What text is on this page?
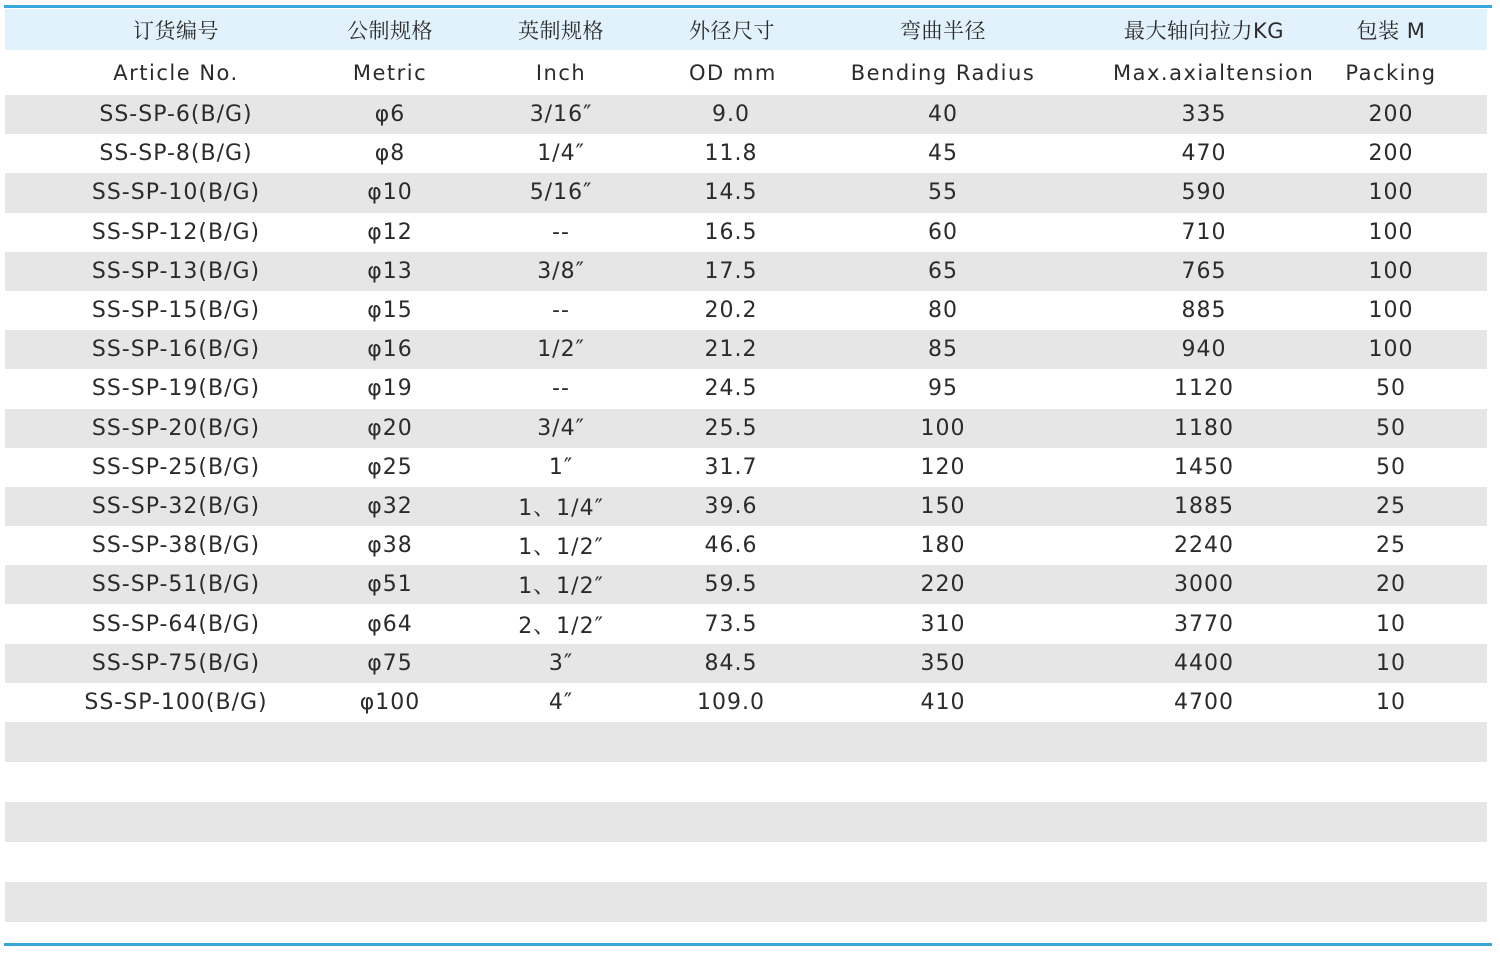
订货编号	公制规格	英制规格	外径尺寸	弯曲半径	最大轴向拉力KG	包装 M
Article No.	Metric	Inch	OD mm	Bending Radius	Max.axialtension	Packing
SS-SP-6(B/G)	φ6	3/16″	9.0	40	335	200
SS-SP-8(B/G)	φ8	1/4″	11.8	45	470	200
SS-SP-10(B/G)	φ10	5/16″	14.5	55	590	100
SS-SP-12(B/G)	φ12	--	16.5	60	710	100
SS-SP-13(B/G)	φ13	3/8″	17.5	65	765	100
SS-SP-15(B/G)	φ15	--	20.2	80	885	100
SS-SP-16(B/G)	φ16	1/2″	21.2	85	940	100
SS-SP-19(B/G)	φ19	--	24.5	95	1120	50
SS-SP-20(B/G)	φ20	3/4″	25.5	100	1180	50
SS-SP-25(B/G)	φ25	1″	31.7	120	1450	50
SS-SP-32(B/G)	φ32	1、1/4″	39.6	150	1885	25
SS-SP-38(B/G)	φ38	1、1/2″	46.6	180	2240	25
SS-SP-51(B/G)	φ51	1、1/2″	59.5	220	3000	20
SS-SP-64(B/G)	φ64	2、1/2″	73.5	310	3770	10
SS-SP-75(B/G)	φ75	3″	84.5	350	4400	10
SS-SP-100(B/G)	φ100	4″	109.0	410	4700	10
